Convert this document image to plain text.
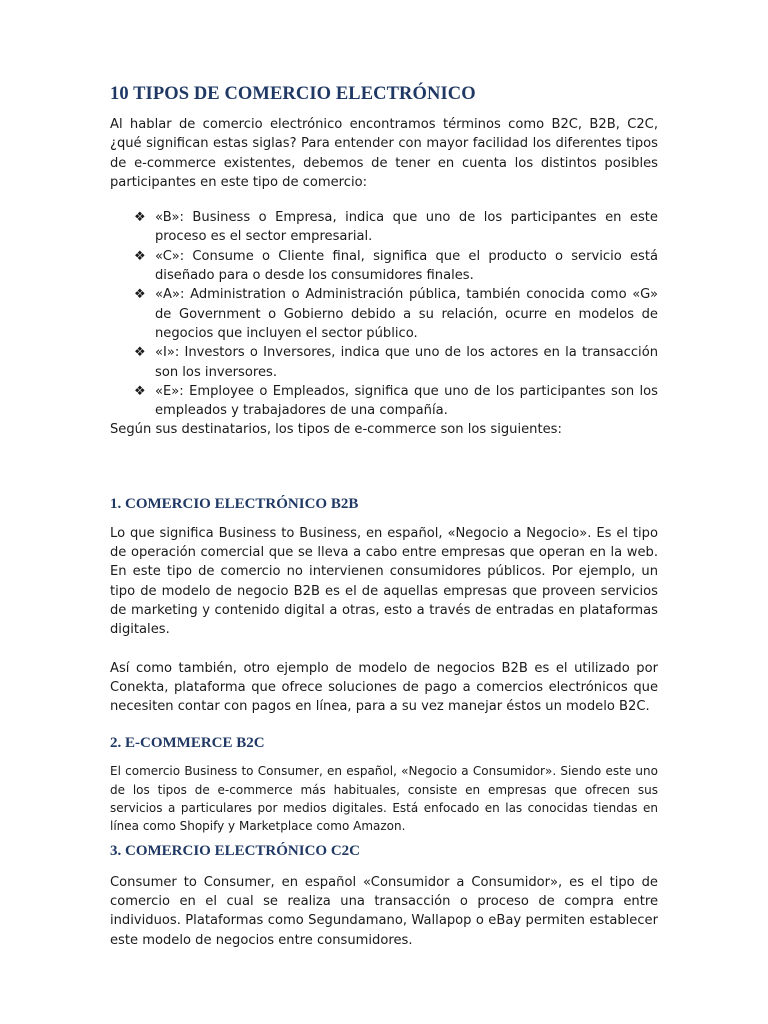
10 TIPOS DE COMERCIO ELECTRÓNICO

Al hablar de comercio electrónico encontramos términos como B2C, B2B, C2C, ¿qué significan estas siglas? Para entender con mayor facilidad los diferentes tipos de e-commerce existentes, debemos de tener en cuenta los distintos posibles participantes en este tipo de comercio:

❖ «B»: Business o Empresa, indica que uno de los participantes en este proceso es el sector empresarial.
❖ «C»: Consume o Cliente final, significa que el producto o servicio está diseñado para o desde los consumidores finales.
❖ «A»: Administration o Administración pública, también conocida como «G» de Government o Gobierno debido a su relación, ocurre en modelos de negocios que incluyen el sector público.
❖ «I»: Investors o Inversores, indica que uno de los actores en la transacción son los inversores.
❖ «E»: Employee o Empleados, significa que uno de los participantes son los empleados y trabajadores de una compañía.

Según sus destinatarios, los tipos de e-commerce son los siguientes:

1. COMERCIO ELECTRÓNICO B2B

Lo que significa Business to Business, en español, «Negocio a Negocio». Es el tipo de operación comercial que se lleva a cabo entre empresas que operan en la web. En este tipo de comercio no intervienen consumidores públicos. Por ejemplo, un tipo de modelo de negocio B2B es el de aquellas empresas que proveen servicios de marketing y contenido digital a otras, esto a través de entradas en plataformas digitales.

Así como también, otro ejemplo de modelo de negocios B2B es el utilizado por Conekta, plataforma que ofrece soluciones de pago a comercios electrónicos que necesiten contar con pagos en línea, para a su vez manejar éstos un modelo B2C.

2. E-COMMERCE B2C

El comercio Business to Consumer, en español, «Negocio a Consumidor». Siendo este uno de los tipos de e-commerce más habituales, consiste en empresas que ofrecen sus servicios a particulares por medios digitales. Está enfocado en las conocidas tiendas en línea como Shopify y Marketplace como Amazon.

3. COMERCIO ELECTRÓNICO C2C

Consumer to Consumer, en español «Consumidor a Consumidor», es el tipo de comercio en el cual se realiza una transacción o proceso de compra entre individuos. Plataformas como Segundamano, Wallapop o eBay permiten establecer este modelo de negocios entre consumidores.
